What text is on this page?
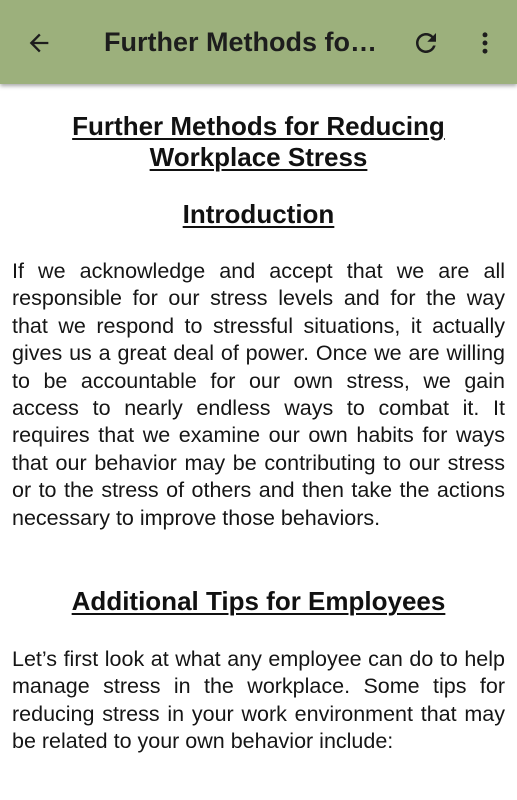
Further Methods fo…
Further Methods for Reducing
Workplace Stress
Introduction
If we acknowledge and accept that we are all responsible for our stress levels and for the way that we respond to stressful situations, it actually gives us a great deal of power. Once we are willing to be accountable for our own stress, we gain access to nearly endless ways to combat it. It requires that we examine our own habits for ways that our behavior may be contributing to our stress or to the stress of others and then take the actions necessary to improve those behaviors.
Additional Tips for Employees
Let’s first look at what any employee can do to help manage stress in the workplace. Some tips for reducing stress in your work environment that may be related to your own behavior include:
